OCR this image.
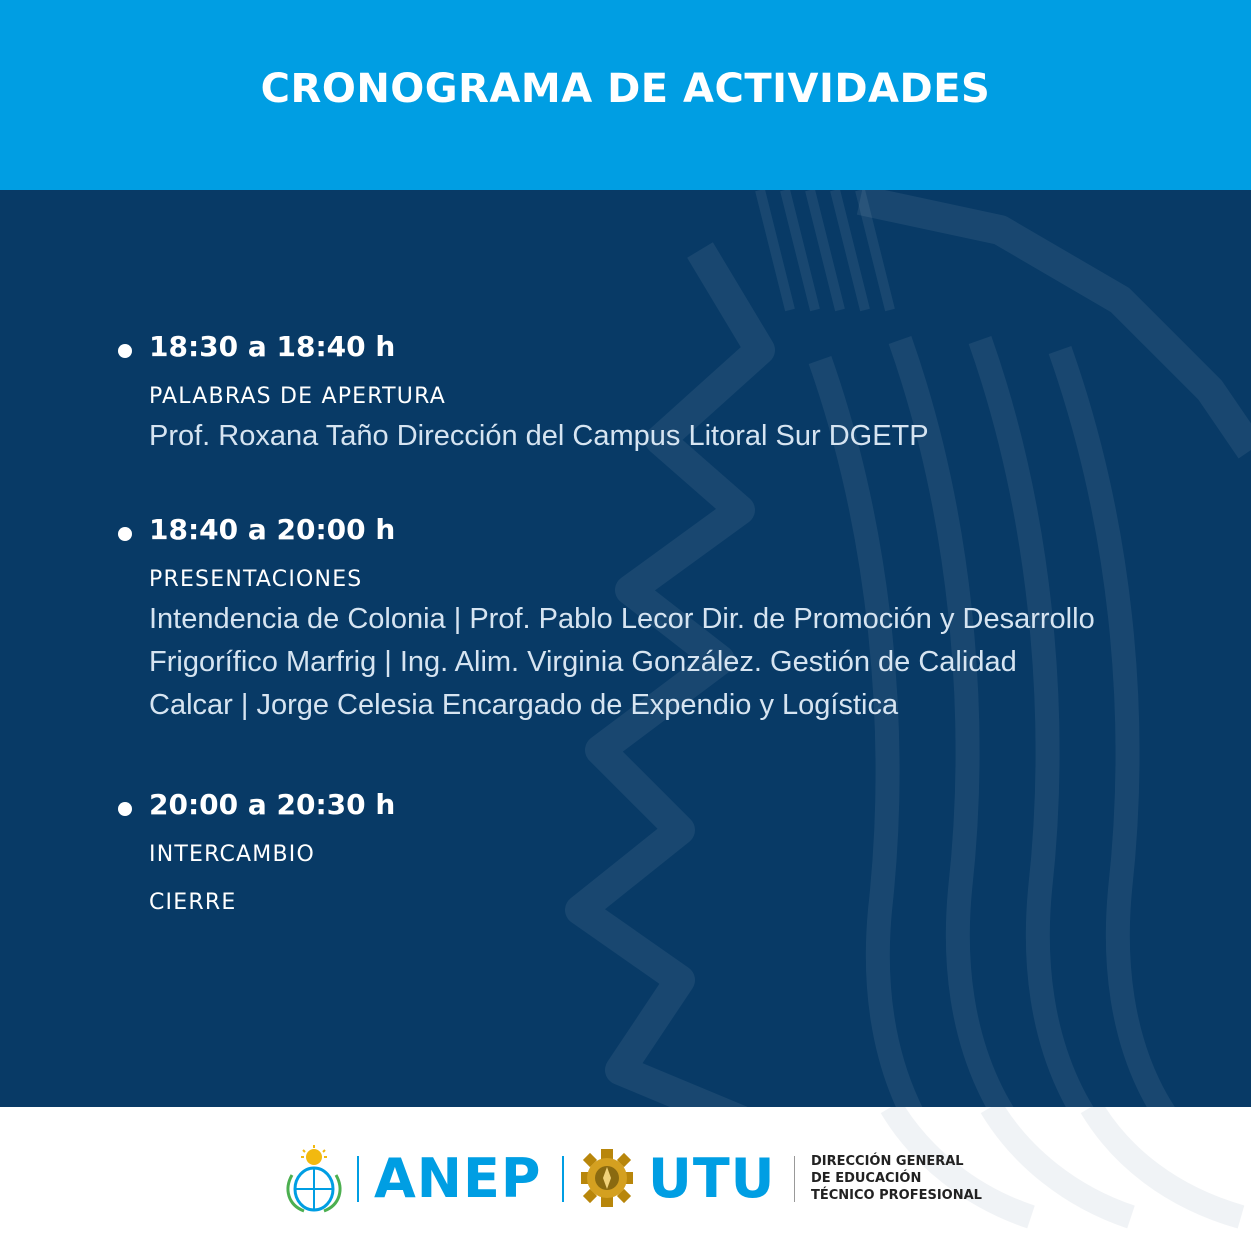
CRONOGRAMA DE ACTIVIDADES
18:30 a 18:40 h
PALABRAS DE APERTURA
Prof. Roxana Taño Dirección del Campus Litoral Sur DGETP
18:40 a 20:00 h
PRESENTACIONES
Intendencia de Colonia | Prof. Pablo Lecor Dir. de Promoción y Desarrollo
Frigorífico Marfrig | Ing. Alim. Virginia González. Gestión de Calidad
Calcar | Jorge Celesia Encargado de Expendio y Logística
20:00 a 20:30 h
INTERCAMBIO
CIERRE
ANEP UTU	DIRECCIÓN GENERAL
DE EDUCACIÓN
TÉCNICO PROFESIONAL
